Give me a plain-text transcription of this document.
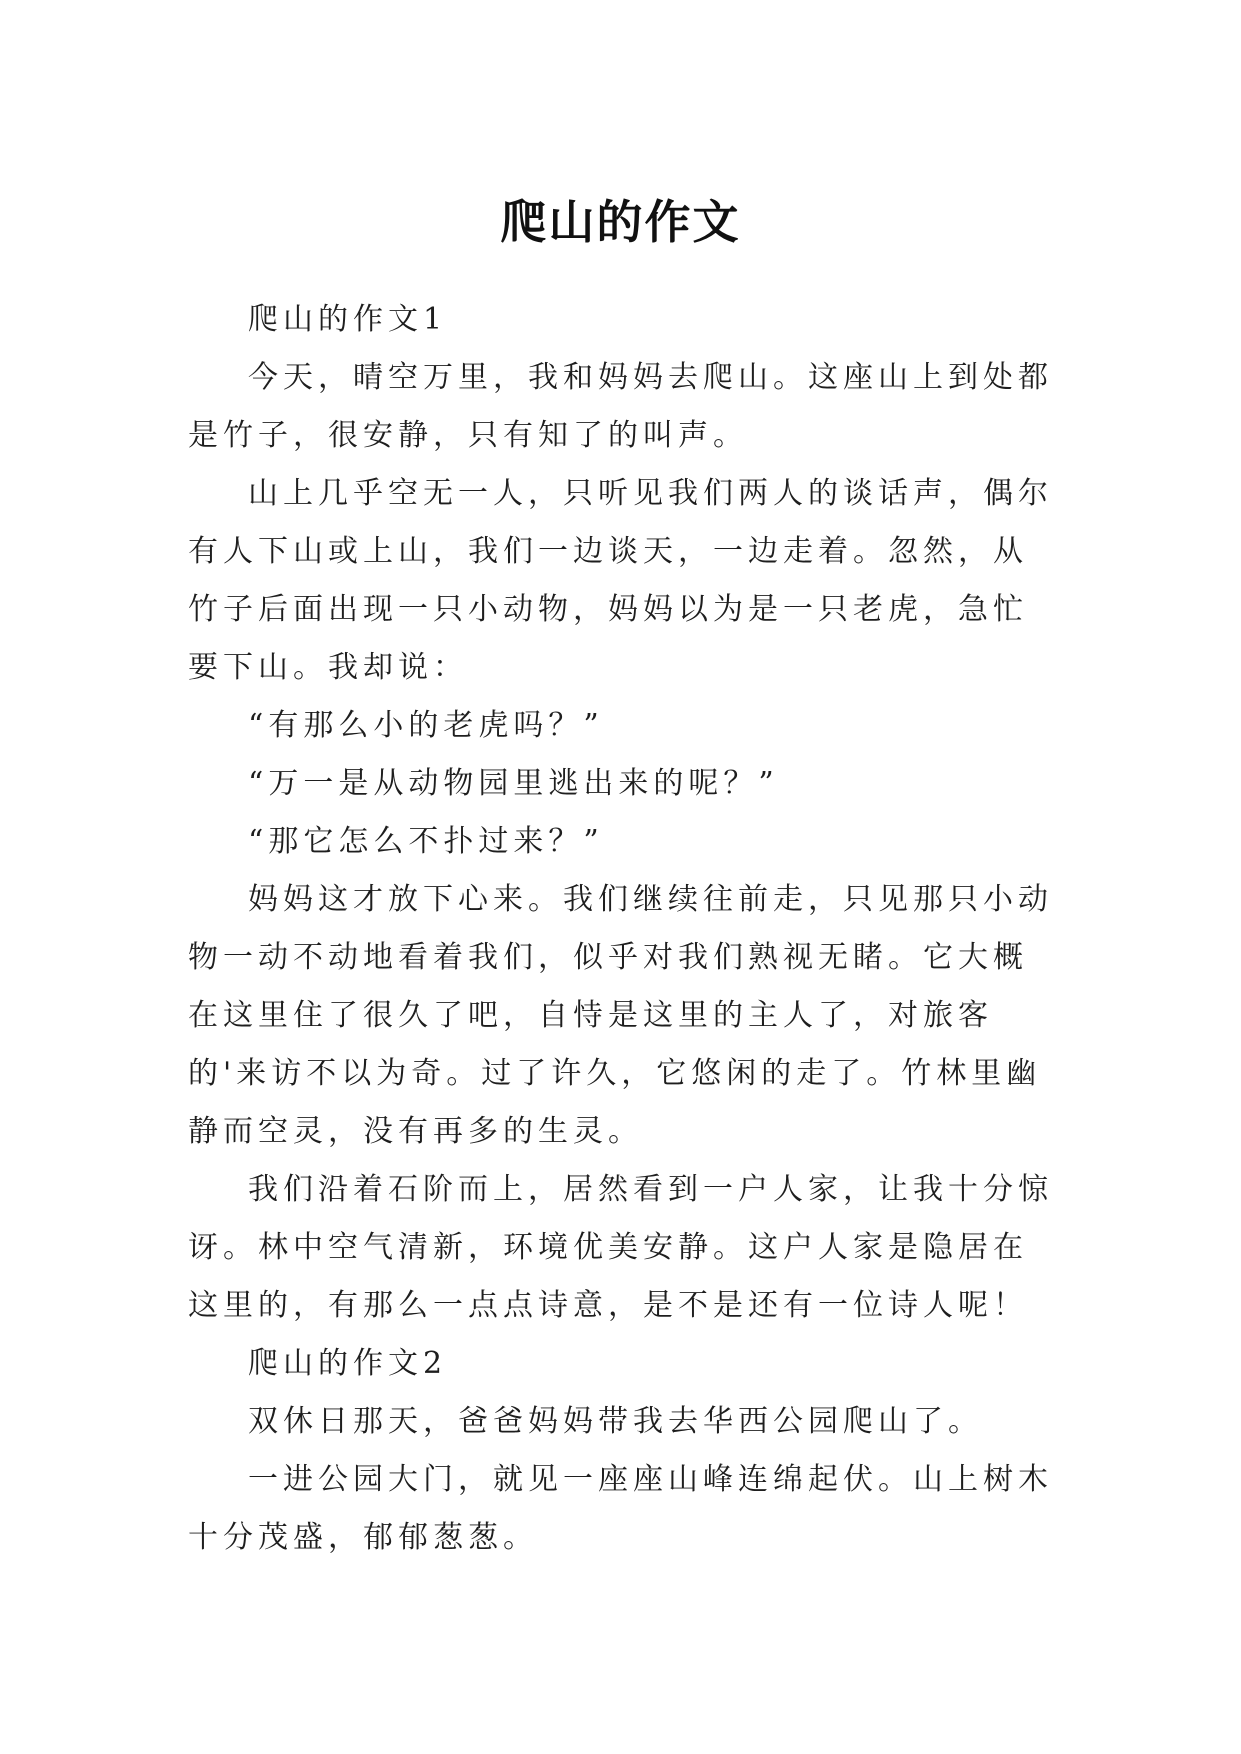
爬山的作文

爬山的作文1

今天，晴空万里，我和妈妈去爬山。这座山上到处都是竹子，很安静，只有知了的叫声。

山上几乎空无一人，只听见我们两人的谈话声，偶尔有人下山或上山，我们一边谈天，一边走着。忽然，从竹子后面出现一只小动物，妈妈以为是一只老虎，急忙要下山。我却说：

“有那么小的老虎吗？”

“万一是从动物园里逃出来的呢？”

“那它怎么不扑过来？”

妈妈这才放下心来。我们继续往前走，只见那只小动物一动不动地看着我们，似乎对我们熟视无睹。它大概在这里住了很久了吧，自恃是这里的主人了，对旅客的'来访不以为奇。过了许久，它悠闲的走了。竹林里幽静而空灵，没有再多的生灵。

我们沿着石阶而上，居然看到一户人家，让我十分惊讶。林中空气清新，环境优美安静。这户人家是隐居在这里的，有那么一点点诗意，是不是还有一位诗人呢！

爬山的作文2

双休日那天，爸爸妈妈带我去华西公园爬山了。

一进公园大门，就见一座座山峰连绵起伏。山上树木十分茂盛，郁郁葱葱。
